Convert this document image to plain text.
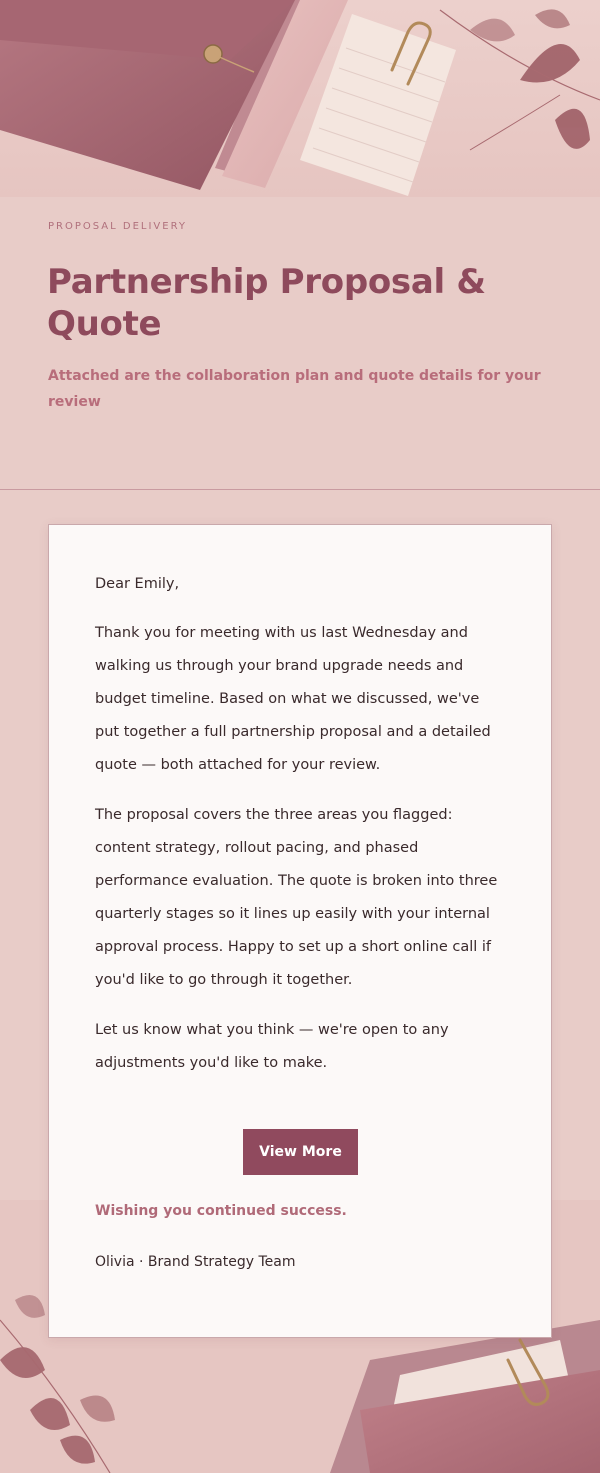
PROPOSAL DELIVERY
Partnership Proposal & Quote

Attached are the collaboration plan and quote details for your review

Dear Emily,

Thank you for meeting with us last Wednesday and walking us through your brand upgrade needs and budget timeline. Based on what we discussed, we've put together a full partnership proposal and a detailed quote — both attached for your review.

The proposal covers the three areas you flagged: content strategy, rollout pacing, and phased performance evaluation. The quote is broken into three quarterly stages so it lines up easily with your internal approval process. Happy to set up a short online call if you'd like to go through it together.

Let us know what you think — we're open to any adjustments you'd like to make.

View More

Wishing you continued success.

Olivia · Brand Strategy Team
